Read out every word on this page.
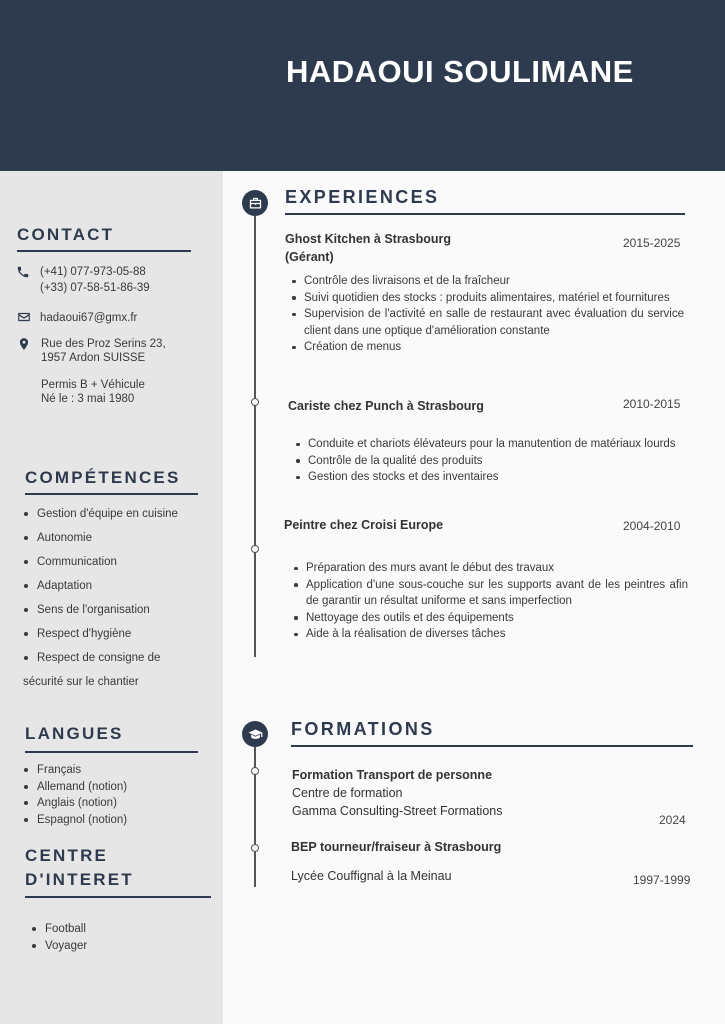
HADAOUI SOULIMANE
CONTACT
(+41) 077-973-05-88
(+33) 07-58-51-86-39
hadaoui67@gmx.fr
Rue des Proz Serins 23,
1957 Ardon SUISSE
Permis B + Véhicule
Né le : 3 mai 1980
COMPÉTENCES
Gestion d'équipe en cuisine
Autonomie
Communication
Adaptation
Sens de l'organisation
Respect d'hygiène
Respect de consigne de
sécurité sur le chantier
LANGUES
Français
Allemand (notion)
Anglais (notion)
Espagnol (notion)
CENTRE
D'INTERET
Football
Voyager
EXPERIENCES
Ghost Kitchen à Strasbourg	2015-2025
(Gérant)
Contrôle des livraisons et de la fraîcheur
Suivi quotidien des stocks : produits alimentaires, matériel et fournitures
Supervision de l'activité en salle de restaurant avec évaluation du service client dans une optique d'amélioration constante
Création de menus
Cariste chez Punch à Strasbourg	2010-2015
Conduite et chariots élévateurs pour la manutention de matériaux lourds
Contrôle de la qualité des produits
Gestion des stocks et des inventaires
Peintre chez Croisi Europe	2004-2010
Préparation des murs avant le début des travaux
Application d'une sous-couche sur les supports avant de les peintres afin de garantir un résultat uniforme et sans imperfection
Nettoyage des outils et des équipements
Aide à la réalisation de diverses tâches
FORMATIONS
Formation Transport de personne
Centre de formation
Gamma Consulting-Street Formations
2024
BEP tourneur/fraiseur à Strasbourg
Lycée Couffignal à la Meinau	1997-1999
